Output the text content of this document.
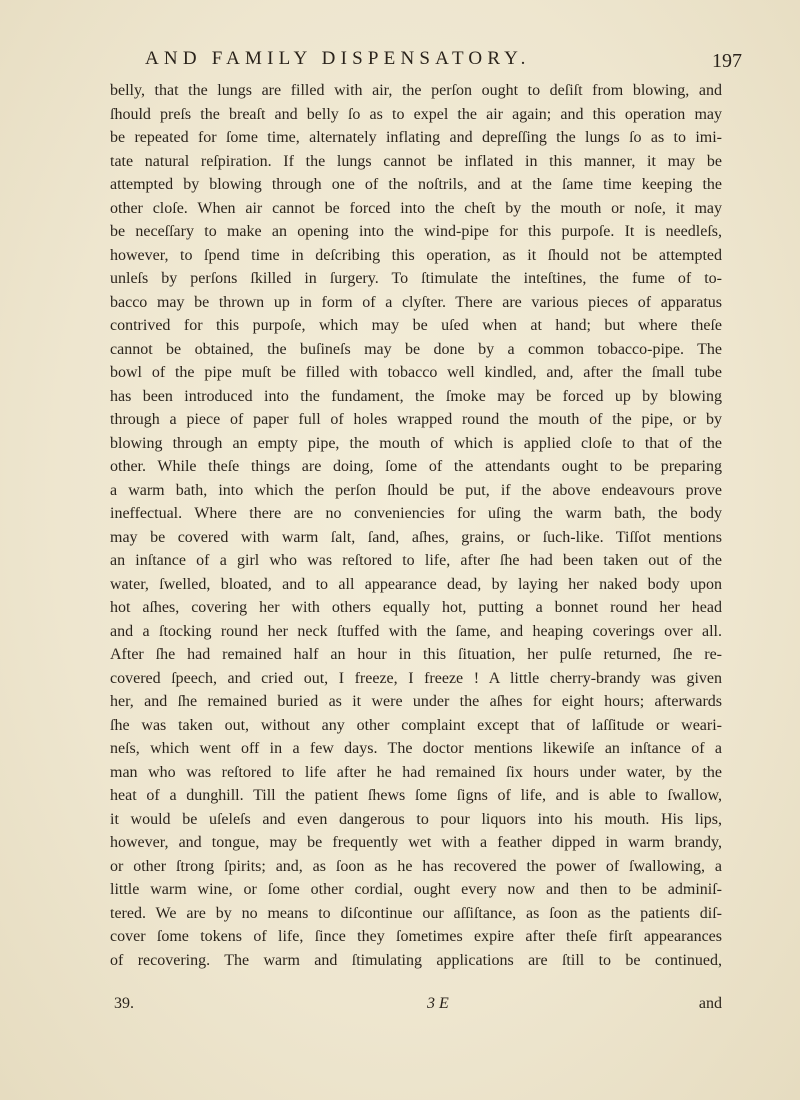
AND FAMILY DISPENSATORY.	197
belly, that the lungs are filled with air, the perſon ought to deſiſt from blowing, and
ſhould preſs the breaſt and belly ſo as to expel the air again; and this operation may
be repeated for ſome time, alternately inflating and depreſſing the lungs ſo as to imi-
tate natural reſpiration. If the lungs cannot be inflated in this manner, it may be
attempted by blowing through one of the noſtrils, and at the ſame time keeping the
other cloſe. When air cannot be forced into the cheſt by the mouth or noſe, it may
be neceſſary to make an opening into the wind-pipe for this purpoſe. It is needleſs,
however, to ſpend time in deſcribing this operation, as it ſhould not be attempted
unleſs by perſons ſkilled in ſurgery. To ſtimulate the inteſtines, the fume of to-
bacco may be thrown up in form of a clyſter. There are various pieces of apparatus
contrived for this purpoſe, which may be uſed when at hand; but where theſe
cannot be obtained, the buſineſs may be done by a common tobacco-pipe. The
bowl of the pipe muſt be filled with tobacco well kindled, and, after the ſmall tube
has been introduced into the fundament, the ſmoke may be forced up by blowing
through a piece of paper full of holes wrapped round the mouth of the pipe, or by
blowing through an empty pipe, the mouth of which is applied cloſe to that of the
other. While theſe things are doing, ſome of the attendants ought to be preparing
a warm bath, into which the perſon ſhould be put, if the above endeavours prove
ineffectual. Where there are no conveniencies for uſing the warm bath, the body
may be covered with warm ſalt, ſand, aſhes, grains, or ſuch-like. Tiſſot mentions
an inſtance of a girl who was reſtored to life, after ſhe had been taken out of the
water, ſwelled, bloated, and to all appearance dead, by laying her naked body upon
hot aſhes, covering her with others equally hot, putting a bonnet round her head
and a ſtocking round her neck ſtuffed with the ſame, and heaping coverings over all.
After ſhe had remained half an hour in this ſituation, her pulſe returned, ſhe re-
covered ſpeech, and cried out, I freeze, I freeze ! A little cherry-brandy was given
her, and ſhe remained buried as it were under the aſhes for eight hours; afterwards
ſhe was taken out, without any other complaint except that of laſſitude or weari-
neſs, which went off in a few days. The doctor mentions likewiſe an inſtance of a
man who was reſtored to life after he had remained ſix hours under water, by the
heat of a dunghill. Till the patient ſhews ſome ſigns of life, and is able to ſwallow,
it would be uſeleſs and even dangerous to pour liquors into his mouth. His lips,
however, and tongue, may be frequently wet with a feather dipped in warm brandy,
or other ſtrong ſpirits; and, as ſoon as he has recovered the power of ſwallowing, a
little warm wine, or ſome other cordial, ought every now and then to be adminiſ-
tered. We are by no means to diſcontinue our aſſiſtance, as ſoon as the patients diſ-
cover ſome tokens of life, ſince they ſometimes expire after theſe firſt appearances
of recovering. The warm and ſtimulating applications are ſtill to be continued,
39.	3 E	and
